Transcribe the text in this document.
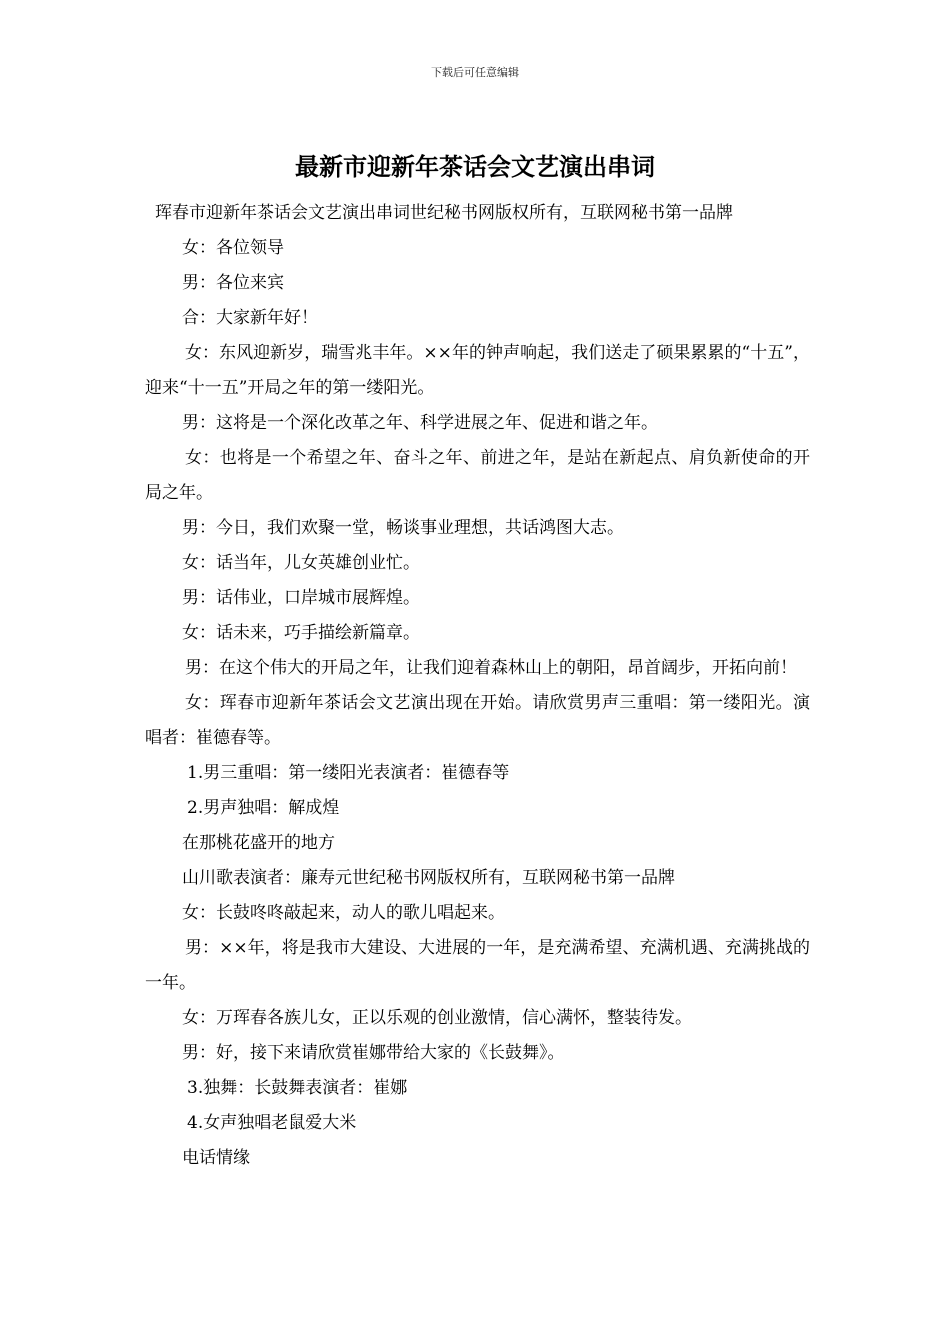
下载后可任意编辑
最新市迎新年茶话会文艺演出串词

珲春市迎新年茶话会文艺演出串词世纪秘书网版权所有，互联网秘书第一品牌

女：各位领导

男：各位来宾

合：大家新年好！

女：东风迎新岁，瑞雪兆丰年。××年的钟声响起，我们送走了硕果累累的“十五”，迎来“十一五”开局之年的第一缕阳光。

男：这将是一个深化改革之年、科学进展之年、促进和谐之年。

女：也将是一个希望之年、奋斗之年、前进之年，是站在新起点、肩负新使命的开局之年。

男：今日，我们欢聚一堂，畅谈事业理想，共话鸿图大志。

女：话当年，儿女英雄创业忙。

男：话伟业，口岸城市展辉煌。

女：话未来，巧手描绘新篇章。

男：在这个伟大的开局之年，让我们迎着森林山上的朝阳，昂首阔步，开拓向前！

女：珲春市迎新年茶话会文艺演出现在开始。请欣赏男声三重唱：第一缕阳光。演唱者：崔德春等。

1.男三重唱：第一缕阳光表演者：崔德春等

2.男声独唱：解成煌

在那桃花盛开的地方

山川歌表演者：廉寿元世纪秘书网版权所有，互联网秘书第一品牌

女：长鼓咚咚敲起来，动人的歌儿唱起来。

男：××年，将是我市大建设、大进展的一年，是充满希望、充满机遇、充满挑战的一年。

女：万珲春各族儿女，正以乐观的创业激情，信心满怀，整装待发。

男：好，接下来请欣赏崔娜带给大家的《长鼓舞》。

3.独舞：长鼓舞表演者：崔娜

4.女声独唱老鼠爱大米

电话情缘
